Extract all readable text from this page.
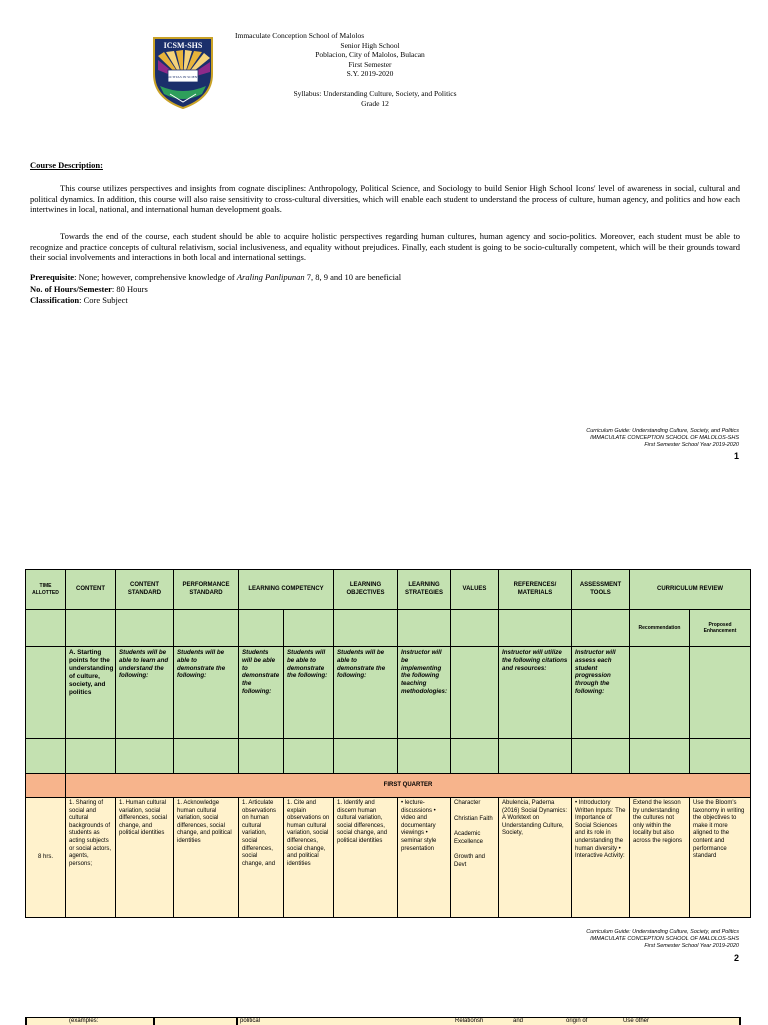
ICSM-SHS
SANCTITAS IN SCIENTIA
Immaculate Conception School of Malolos
Senior High School
Poblacion, City of Malolos, Bulacan
First Semester
S.Y. 2019-2020
Syllabus: Understanding Culture, Society, and Politics
Grade 12
Course Description:
This course utilizes perspectives and insights from cognate disciplines: Anthropology, Political Science, and Sociology to build Senior High School Icons' level of awareness in social, cultural and political dynamics. In addition, this course will also raise sensitivity to cross-cultural diversities, which will enable each student to understand the process of culture, human agency, and politics and how each intertwines in local, national, and international human development goals.
Towards the end of the course, each student should be able to acquire holistic perspectives regarding human cultures, human agency and socio-politics. Moreover, each student must be able to recognize and practice concepts of cultural relativism, social inclusiveness, and equality without prejudices. Finally, each student is going to be socio-culturally competent, which will be their grounds toward their social involvements and interactions in both local and international settings.
Prerequisite: None; however, comprehensive knowledge of Araling Panlipunan 7, 8, 9 and 10 are beneficial
No. of Hours/Semester: 80 Hours
Classification: Core Subject
Curriculum Guide: Understanding Culture, Society, and Politics
IMMACULATE CONCEPTION SCHOOL OF MALOLOS-SHS
First Semester School Year 2019-2020
1
TIME ALLOTTED	CONTENT	CONTENT STANDARD	PERFORMANCE STANDARD	LEARNING COMPETENCY		LEARNING OBJECTIVES	LEARNING STRATEGIES	VALUES	REFERENCES/ MATERIALS	ASSESSMENT TOOLS	CURRICULUM REVIEW	
											Recommendation	Proposed Enhancement
	A. Starting points for the understanding of culture, society, and politics	Students will be able to learn and understand the following:	Students will be able to demonstrate the following:	Students will be able to demonstrate the following:	Students will be able to demonstrate the following:	Students will be able to demonstrate the following:	Instructor will be implementing the following teaching methodologies:		Instructor will utilize the following citations and resources:	Instructor will assess each student progression through the following:		

	FIRST QUARTER											
8 hrs.	1. Sharing of social and cultural backgrounds of students as acting subjects or social actors, agents, persons;	1. Human cultural variation, social differences, social change, and political identities	1. Acknowledge human cultural variation, social differences, social change, and political identities	1. Articulate observations on human cultural variation, social differences, social change, and	1. Cite and explain observations on human cultural variation, social differences, social change, and political identities	1. Identify and discern human cultural variation, social differences, social change, and political identities	• lecture-discussions • video and documentary viewings • seminar style presentation	Character
Christian Faith
Academic Excellence
Growth and Devt	Abulencia, Paderna (2016) Social Dynamics: A Worktext on Understanding Culture, Society,	• Introductory Written Inputs: The Importance of Social Sciences and its role in understanding the human diversity • Interactive Activity:	Extend the lesson by understanding the cultures not only within the locality but also across the regions	Use the Bloom's taxonomy in writing the objectives to make it more aligned to the content and performance standard
Curriculum Guide: Understanding Culture, Society, and Politics
IMMACULATE CONCEPTION SCHOOL OF MALOLOS-SHS
First Semester School Year 2019-2020
2
(examples:	political	Relationsh	and	origin of	Use other
